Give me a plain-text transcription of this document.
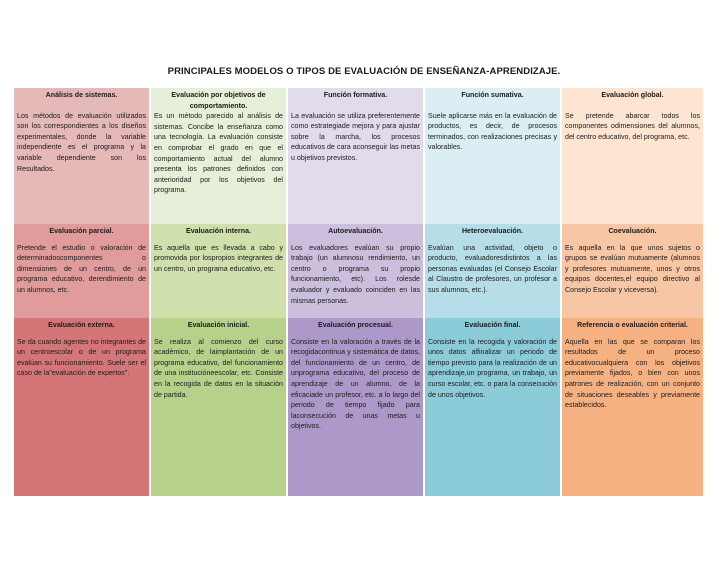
PRINCIPALES MODELOS O TIPOS DE EVALUACIÓN DE ENSEÑANZA-APRENDIZAJE.
Análisis de sistemas.
Los métodos de evaluación utilizados son los correspondientes a los diseños experimentales, donde la variable independiente es el programa y la variable dependiente son los Resultados.
Evaluación por objetivos de comportamiento.
Es un método parecido al análisis de sistemas. Concibe la enseñanza como una tecnología. La evaluación consiste en comprobar el grado en que el comportamiento actual del alumno presenta los patrones definidos con anterioridad por los objetivos del programa.
Función formativa.
La evaluación se utiliza preferentemente como estrategiade mejora y para ajustar sobre la marcha, los procesos educativos de cara aconseguir las metas u objetivos previstos.
Función sumativa.
Suele aplicarse más en la evaluación de productos, es decir, de procesos terminados, con realizaciones precisas y valorables.
Evaluación global.
Se pretende abarcar todos los componentes odimensiones del alumnos, del centro educativo, del programa, etc.
Evaluación parcial.
Pretende el estudio o valoración de determinadoscomponentes o dimensiones de un centro, de un programa educativo, derendimiento de un alumnos, etc.
Evaluación interna.
Es aquella que es llevada a cabo y promovida por lospropios integrantes de un centro, un programa educativo, etc.
Autoevaluación.
Los evaluadores evalúan su propio trabajo (un alumnosu rendimiento, un centro o programa su propio funcionamiento, etc). Los rolesde evaluador y evaluado coinciden en las mismas personas.
Heteroevaluación.
Evalúan una actividad, objeto o producto, evaluadoresdistintos a las personas evaluadas (el Consejo Escolar al Claustro de profesores, un profesor a sus alumnos, etc.).
Coevaluación.
Es aquella en la que unos sujetos o grupos se evalúan mutuamente (alumnos y profesores mutuamente, unos y otros equipos docentes,el equipo directivo al Consejo Escolar y viceversa).
Evaluación externa.
Se da cuando agentes no integrantes de un centroescolar o de un programa evalúan su funcionamiento. Suele ser el caso de la"evaluación de expertos".
Evaluación inicial.
Se realiza al comienzo del curso académico, de laimplantación de un programa educativo, del funcionamiento de una institucióneescolar, etc. Consiste en la recogida de datos en la situación de partida.
Evaluación procesual.
Consiste en la valoración a través de la recogidacontinua y sistemática de datos, del funcionamiento de un centro, de unprograma educativo, del proceso de aprendizaje de un alumno, de la eficaciade un profesor, etc. a lo largo del periodo de tiempo fijado para laconsecución de unas metas u objetivos.
Evaluación final.
Consiste en la recogida y valoración de unos datos alfinalizar un periodo de tiempo previsto para la realización de un aprendizaje,un programa, un trabajo, un curso escolar, etc. o para la consecución de unos objetivos.
Referencia o evaluación criterial.
Aquella en las que se comparan los resultados de un proceso educativocualquiera con los objetivos previamente fijados, o bien con unos patrones de realización, con un conjunto de situaciones deseables y previamente establecidos.
